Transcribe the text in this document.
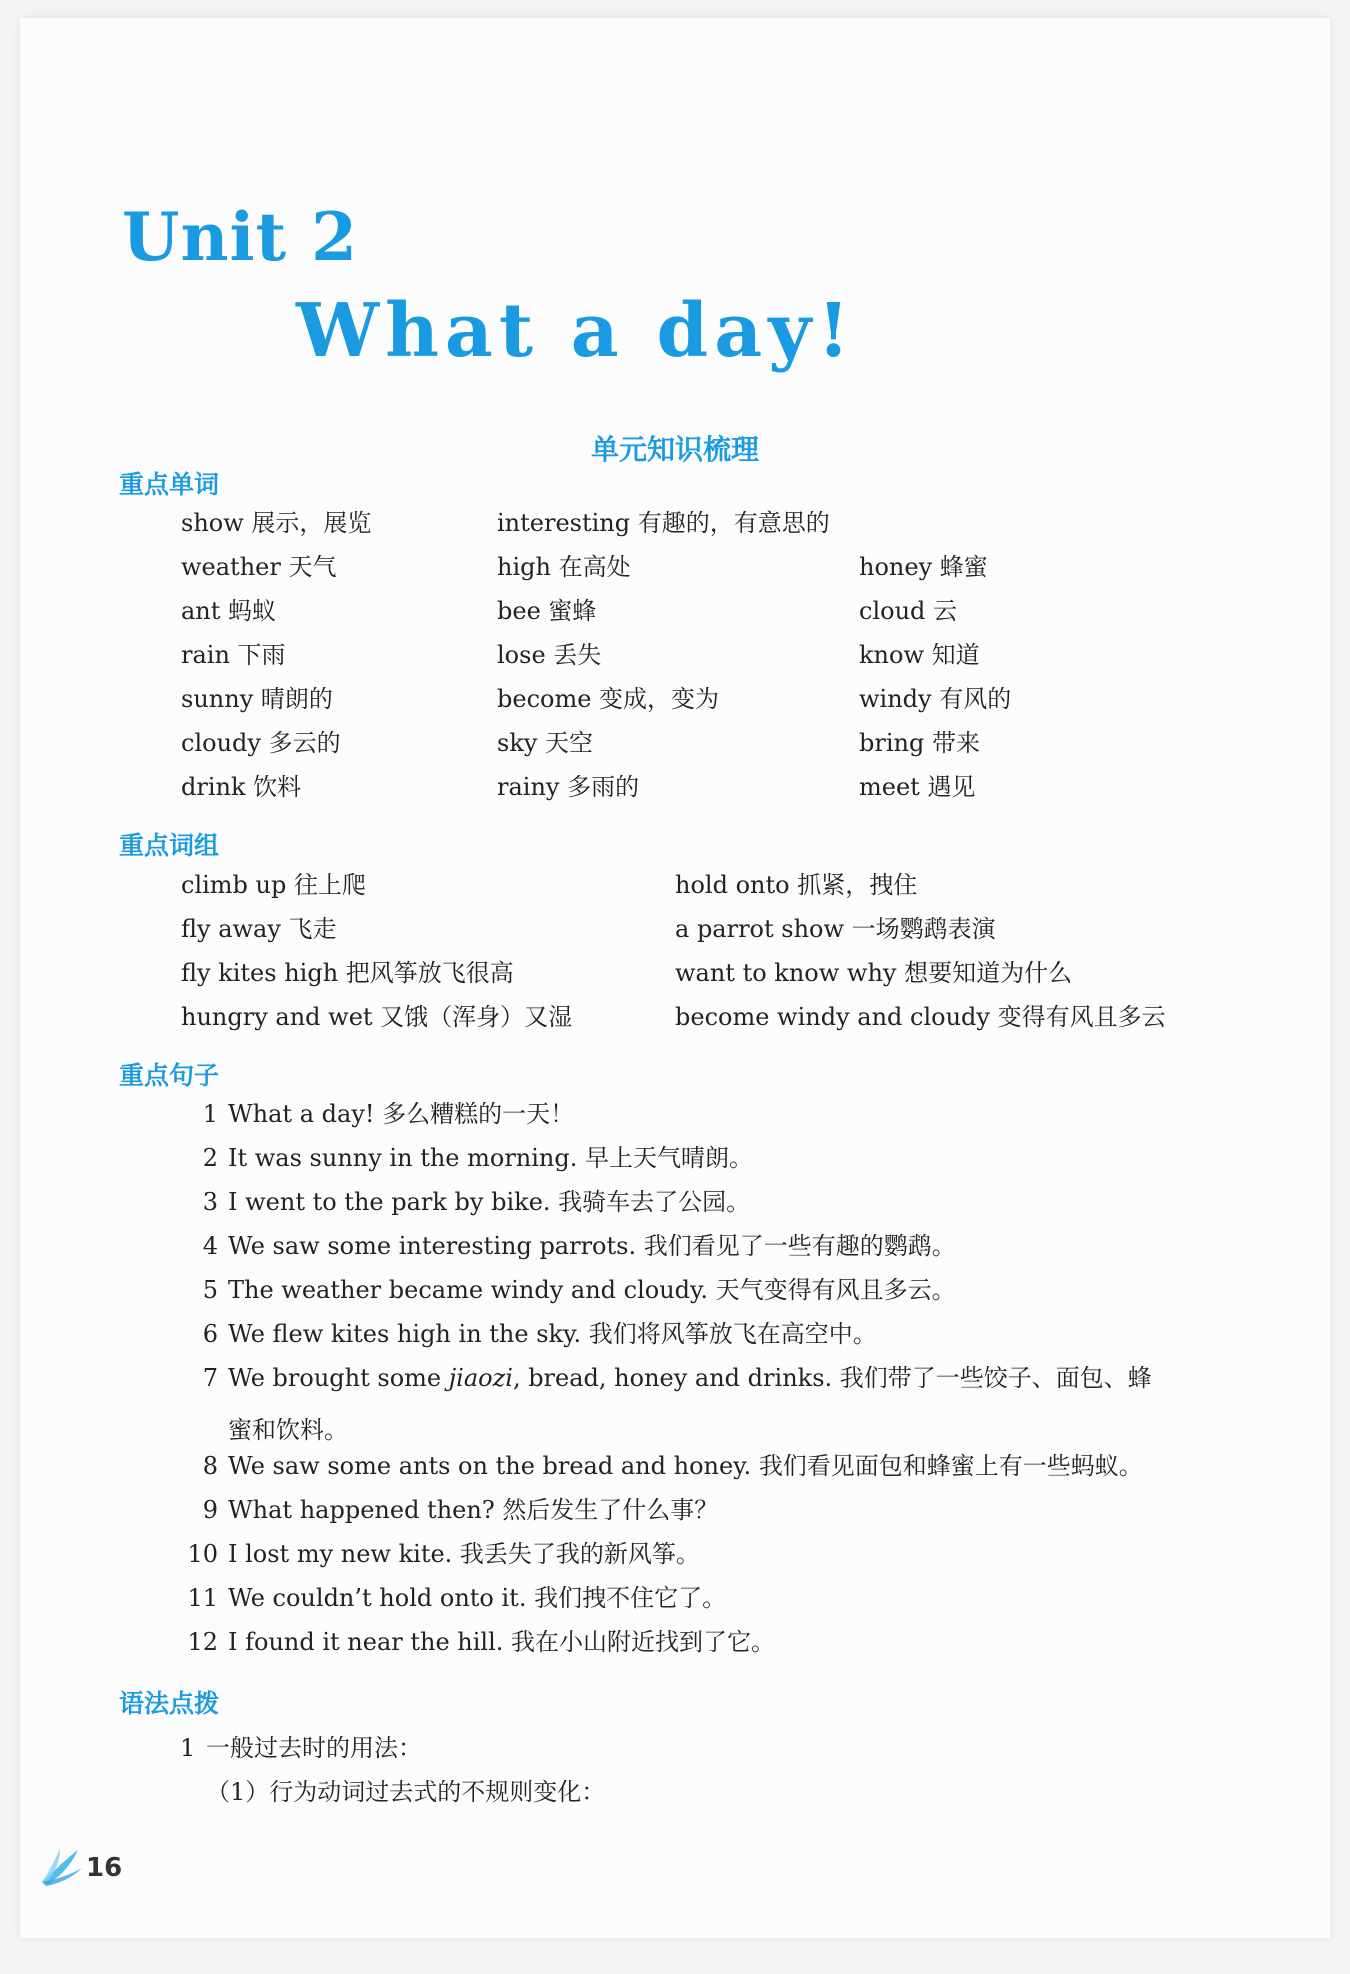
Unit 2
What a day!
单元知识梳理
重点单词
show 展示，展览
weather 天气
ant 蚂蚁
rain 下雨
sunny 晴朗的
cloudy 多云的
drink 饮料
interesting 有趣的，有意思的
high 在高处
bee 蜜蜂
lose 丢失
become 变成，变为
sky 天空
rainy 多雨的
honey 蜂蜜
cloud 云
know 知道
windy 有风的
bring 带来
meet 遇见
重点词组
climb up 往上爬
fly away 飞走
fly kites high 把风筝放飞很高
hungry and wet 又饿（浑身）又湿
hold onto 抓紧，拽住
a parrot show 一场鹦鹉表演
want to know why 想要知道为什么
become windy and cloudy 变得有风且多云
重点句子
1 What a day! 多么糟糕的一天！
2 It was sunny in the morning. 早上天气晴朗。
3 I went to the park by bike. 我骑车去了公园。
4 We saw some interesting parrots. 我们看见了一些有趣的鹦鹉。
5 The weather became windy and cloudy. 天气变得有风且多云。
6 We flew kites high in the sky. 我们将风筝放飞在高空中。
7 We brought some jiaozi, bread, honey and drinks. 我们带了一些饺子、面包、蜂
蜜和饮料。
8 We saw some ants on the bread and honey. 我们看见面包和蜂蜜上有一些蚂蚁。
9 What happened then? 然后发生了什么事？
10 I lost my new kite. 我丢失了我的新风筝。
11 We couldn’t hold onto it. 我们拽不住它了。
12 I found it near the hill. 我在小山附近找到了它。
语法点拨
1 一般过去时的用法：
（1）行为动词过去式的不规则变化：
16
